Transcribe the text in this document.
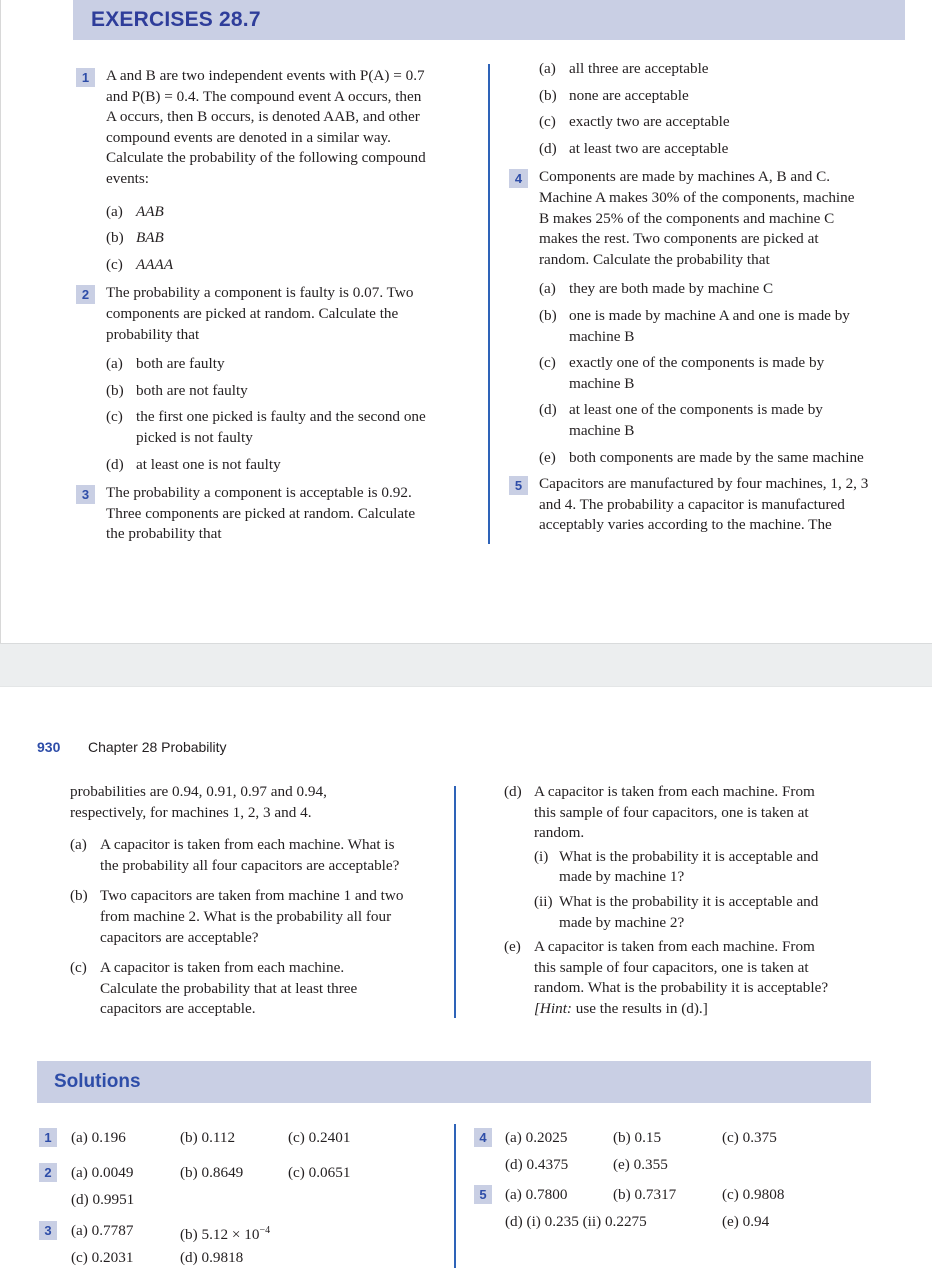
EXERCISES 28.7
1	A and B are two independent events with P(A) = 0.7
and P(B) = 0.4. The compound event A occurs, then
A occurs, then B occurs, is denoted AAB, and other
compound events are denoted in a similar way.
Calculate the probability of the following compound
events:
(a) AAB
(b) BAB
(c) AAAA
2	The probability a component is faulty is 0.07. Two
components are picked at random. Calculate the
probability that
(a) both are faulty
(b) both are not faulty
(c) the first one picked is faulty and the second one
picked is not faulty
(d) at least one is not faulty
3	The probability a component is acceptable is 0.92.
Three components are picked at random. Calculate
the probability that
(a) all three are acceptable
(b) none are acceptable
(c) exactly two are acceptable
(d) at least two are acceptable
4	Components are made by machines A, B and C.
Machine A makes 30% of the components, machine
B makes 25% of the components and machine C
makes the rest. Two components are picked at
random. Calculate the probability that
(a) they are both made by machine C
(b) one is made by machine A and one is made by
machine B
(c) exactly one of the components is made by
machine B
(d) at least one of the components is made by
machine B
(e) both components are made by the same machine
5	Capacitors are manufactured by four machines, 1, 2, 3
and 4. The probability a capacitor is manufactured
acceptably varies according to the machine. The
930 Chapter 28 Probability
probabilities are 0.94, 0.91, 0.97 and 0.94,
respectively, for machines 1, 2, 3 and 4.
(a) A capacitor is taken from each machine. What is
the probability all four capacitors are acceptable?
(b) Two capacitors are taken from machine 1 and two
from machine 2. What is the probability all four
capacitors are acceptable?
(c) A capacitor is taken from each machine.
Calculate the probability that at least three
capacitors are acceptable.
(d) A capacitor is taken from each machine. From
this sample of four capacitors, one is taken at
random.
(i) What is the probability it is acceptable and
made by machine 1?
(ii) What is the probability it is acceptable and
made by machine 2?
(e) A capacitor is taken from each machine. From
this sample of four capacitors, one is taken at
random. What is the probability it is acceptable?
[Hint: use the results in (d).]
Solutions
1	(a) 0.196	(b) 0.112	(c) 0.2401
2	(a) 0.0049	(b) 0.8649	(c) 0.0651
(d) 0.9951
3	(a) 0.7787	(b) $5.12 \times 10^{-4}$
(c) 0.2031	(d) 0.9818
4	(a) 0.2025	(b) 0.15	(c) 0.375
(d) 0.4375	(e) 0.355
5	(a) 0.7800	(b) 0.7317	(c) 0.9808
(d) (i) 0.235 (ii) 0.2275	(e) 0.94
